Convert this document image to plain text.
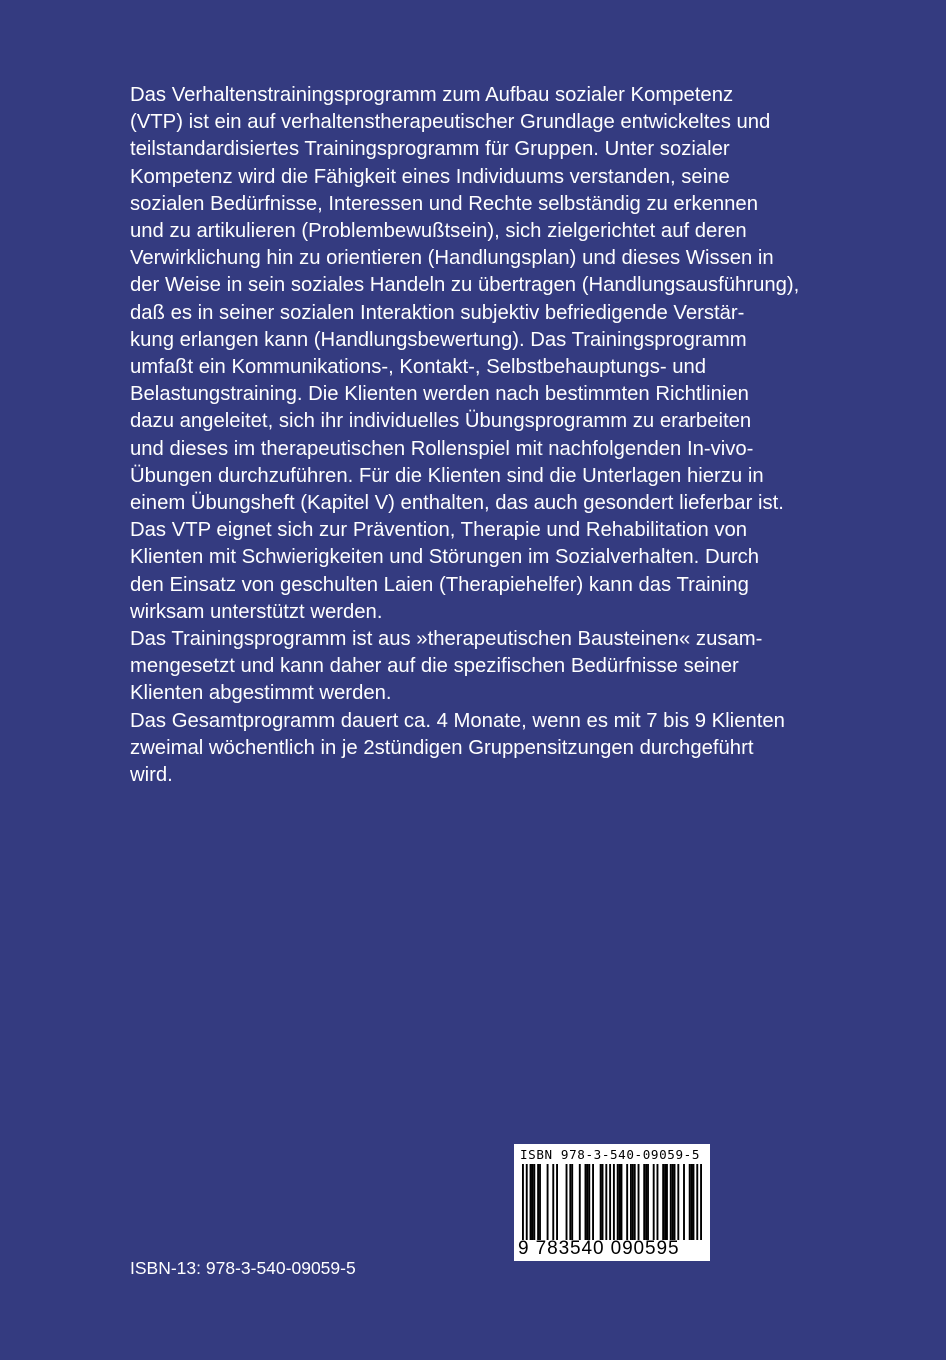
Das Verhaltenstrainingsprogramm zum Aufbau sozialer Kompetenz
(VTP) ist ein auf verhaltenstherapeutischer Grundlage entwickeltes und
teilstandardisiertes Trainingsprogramm für Gruppen. Unter sozialer
Kompetenz wird die Fähigkeit eines Individuums verstanden, seine
sozialen Bedürfnisse, Interessen und Rechte selbständig zu erkennen
und zu artikulieren (Problembewußtsein), sich zielgerichtet auf deren
Verwirklichung hin zu orientieren (Handlungsplan) und dieses Wissen in
der Weise in sein soziales Handeln zu übertragen (Handlungsausführung),
daß es in seiner sozialen Interaktion subjektiv befriedigende Verstär-
kung erlangen kann (Handlungsbewertung). Das Trainingsprogramm
umfaßt ein Kommunikations-, Kontakt-, Selbstbehauptungs- und
Belastungstraining. Die Klienten werden nach bestimmten Richtlinien
dazu angeleitet, sich ihr individuelles Übungsprogramm zu erarbeiten
und dieses im therapeutischen Rollenspiel mit nachfolgenden In-vivo-
Übungen durchzuführen. Für die Klienten sind die Unterlagen hierzu in
einem Übungsheft (Kapitel V) enthalten, das auch gesondert lieferbar ist.
Das VTP eignet sich zur Prävention, Therapie und Rehabilitation von
Klienten mit Schwierigkeiten und Störungen im Sozialverhalten. Durch
den Einsatz von geschulten Laien (Therapiehelfer) kann das Training
wirksam unterstützt werden.
Das Trainingsprogramm ist aus »therapeutischen Bausteinen« zusam-
mengesetzt und kann daher auf die spezifischen Bedürfnisse seiner
Klienten abgestimmt werden.
Das Gesamtprogramm dauert ca. 4 Monate, wenn es mit 7 bis 9 Klienten
zweimal wöchentlich in je 2stündigen Gruppensitzungen durchgeführt
wird.
ISBN 978-3-540-09059-5
9 783540 090595
ISBN-13: 978-3-540-09059-5
